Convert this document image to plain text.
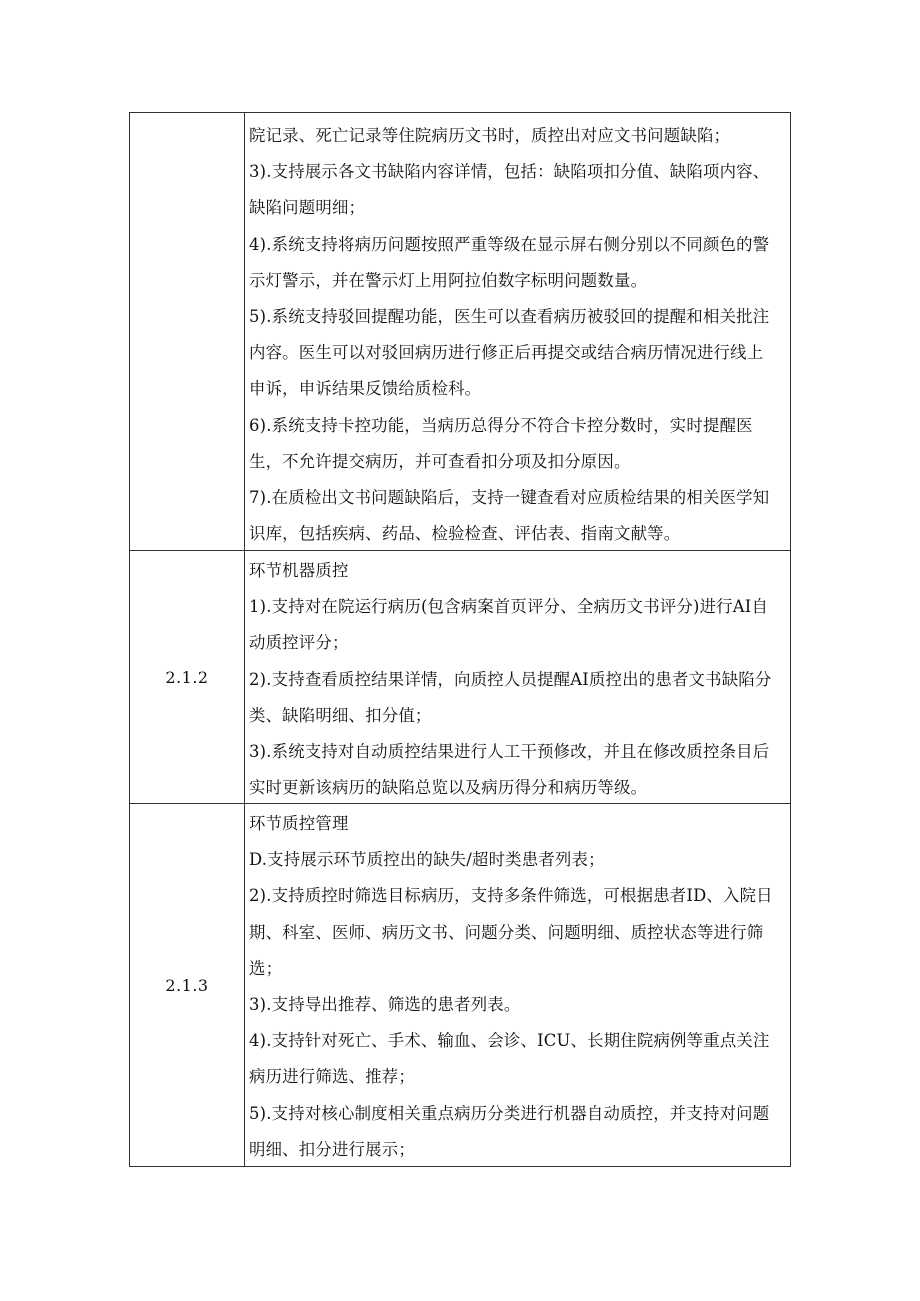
院记录、死亡记录等住院病历文书时，质控出对应文书问题缺陷；
3).支持展示各文书缺陷内容详情，包括：缺陷项扣分值、缺陷项内容、
缺陷问题明细；
4).系统支持将病历问题按照严重等级在显示屏右侧分别以不同颜色的警
示灯警示，并在警示灯上用阿拉伯数字标明问题数量。
5).系统支持驳回提醒功能，医生可以查看病历被驳回的提醒和相关批注
内容。医生可以对驳回病历进行修正后再提交或结合病历情况进行线上
申诉，申诉结果反馈给质检科。
6).系统支持卡控功能，当病历总得分不符合卡控分数时，实时提醒医
生，不允许提交病历，并可查看扣分项及扣分原因。
7).在质检出文书问题缺陷后，支持一键查看对应质检结果的相关医学知
识库，包括疾病、药品、检验检查、评估表、指南文献等。
2.1.2
环节机器质控
1).支持对在院运行病历(包含病案首页评分、全病历文书评分)进行AI自
动质控评分；
2).支持查看质控结果详情，向质控人员提醒AI质控出的患者文书缺陷分
类、缺陷明细、扣分值；
3).系统支持对自动质控结果进行人工干预修改，并且在修改质控条目后
实时更新该病历的缺陷总览以及病历得分和病历等级。
2.1.3
环节质控管理
D.支持展示环节质控出的缺失/超时类患者列表；
2).支持质控时筛选目标病历，支持多条件筛选，可根据患者ID、入院日
期、科室、医师、病历文书、问题分类、问题明细、质控状态等进行筛
选；
3).支持导出推荐、筛选的患者列表。
4).支持针对死亡、手术、输血、会诊、ICU、长期住院病例等重点关注
病历进行筛选、推荐；
5).支持对核心制度相关重点病历分类进行机器自动质控，并支持对问题
明细、扣分进行展示；
